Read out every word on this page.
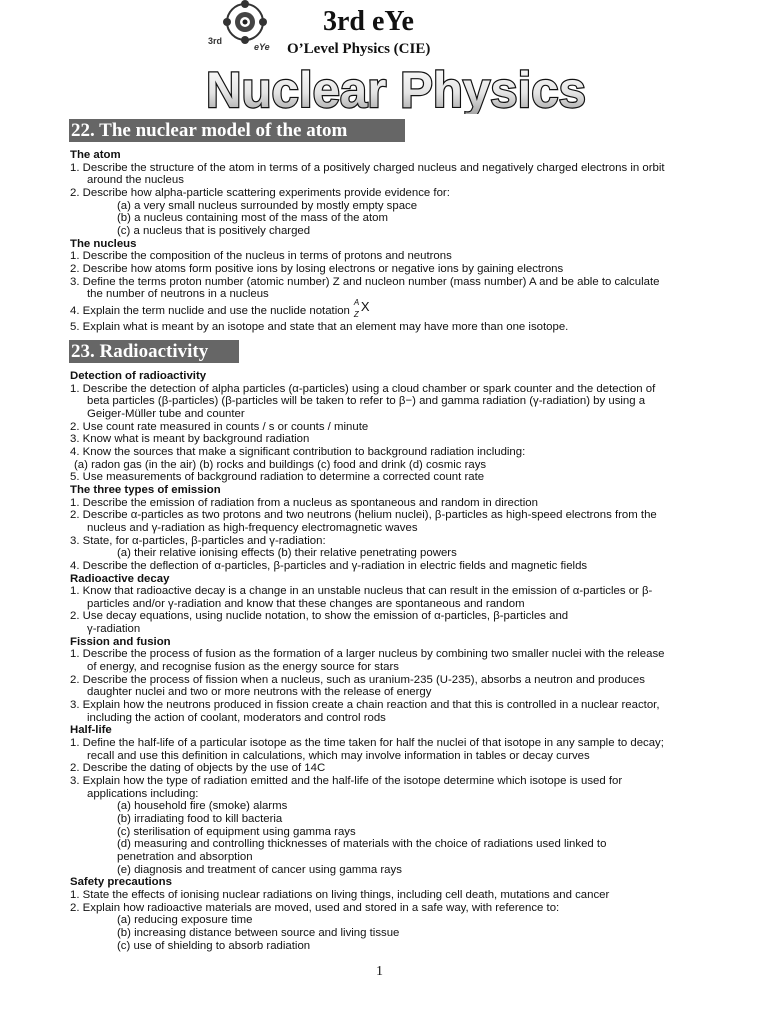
3rd
eYe
3rd eYe
O’Level Physics (CIE)
Nuclear Physics
22. The nuclear model of the atom
The atom
1. Describe the structure of the atom in terms of a positively charged nucleus and negatively charged electrons in orbit
around the nucleus
2. Describe how alpha-particle scattering experiments provide evidence for:
(a) a very small nucleus surrounded by mostly empty space
(b) a nucleus containing most of the mass of the atom
(c) a nucleus that is positively charged
The nucleus
1. Describe the composition of the nucleus in terms of protons and neutrons
2. Describe how atoms form positive ions by losing electrons or negative ions by gaining electrons
3. Define the terms proton number (atomic number) Z and nucleon number (mass number) A and be able to calculate
the number of neutrons in a nucleus
4. Explain the term nuclide and use the nuclide notation
A
Z
X
5. Explain what is meant by an isotope and state that an element may have more than one isotope.
23. Radioactivity
Detection of radioactivity
1. Describe the detection of alpha particles (α-particles) using a cloud chamber or spark counter and the detection of
beta particles (β-particles) (β-particles will be taken to refer to β−) and gamma radiation (γ-radiation) by using a
Geiger-Müller tube and counter
2. Use count rate measured in counts / s or counts / minute
3. Know what is meant by background radiation
4. Know the sources that make a significant contribution to background radiation including:
(a) radon gas (in the air) (b) rocks and buildings (c) food and drink (d) cosmic rays
5. Use measurements of background radiation to determine a corrected count rate
The three types of emission
1. Describe the emission of radiation from a nucleus as spontaneous and random in direction
2. Describe α-particles as two protons and two neutrons (helium nuclei), β-particles as high-speed electrons from the
nucleus and γ-radiation as high-frequency electromagnetic waves
3. State, for α-particles, β-particles and γ-radiation:
(a) their relative ionising effects (b) their relative penetrating powers
4. Describe the deflection of α-particles, β-particles and γ-radiation in electric fields and magnetic fields
Radioactive decay
1. Know that radioactive decay is a change in an unstable nucleus that can result in the emission of α-particles or β-
particles and/or γ-radiation and know that these changes are spontaneous and random
2. Use decay equations, using nuclide notation, to show the emission of α-particles, β-particles and
γ-radiation
Fission and fusion
1. Describe the process of fusion as the formation of a larger nucleus by combining two smaller nuclei with the release
of energy, and recognise fusion as the energy source for stars
2. Describe the process of fission when a nucleus, such as uranium-235 (U-235), absorbs a neutron and produces
daughter nuclei and two or more neutrons with the release of energy
3. Explain how the neutrons produced in fission create a chain reaction and that this is controlled in a nuclear reactor,
including the action of coolant, moderators and control rods
Half-life
1. Define the half-life of a particular isotope as the time taken for half the nuclei of that isotope in any sample to decay;
recall and use this definition in calculations, which may involve information in tables or decay curves
2. Describe the dating of objects by the use of 14C
3. Explain how the type of radiation emitted and the half-life of the isotope determine which isotope is used for
applications including:
(a) household fire (smoke) alarms
(b) irradiating food to kill bacteria
(c) sterilisation of equipment using gamma rays
(d) measuring and controlling thicknesses of materials with the choice of radiations used linked to
penetration and absorption
(e) diagnosis and treatment of cancer using gamma rays
Safety precautions
1. State the effects of ionising nuclear radiations on living things, including cell death, mutations and cancer
2. Explain how radioactive materials are moved, used and stored in a safe way, with reference to:
(a) reducing exposure time
(b) increasing distance between source and living tissue
(c) use of shielding to absorb radiation
1
